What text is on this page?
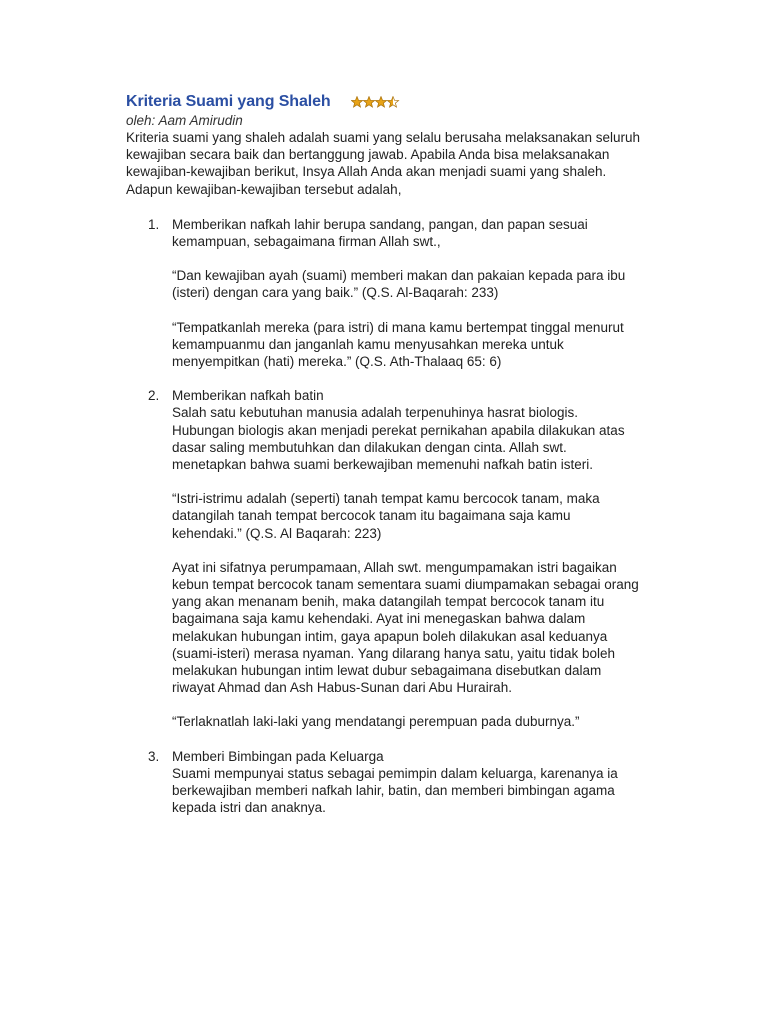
Kriteria Suami yang Shaleh
oleh: Aam Amirudin

Kriteria suami yang shaleh adalah suami yang selalu berusaha melaksanakan seluruh kewajiban secara baik dan bertanggung jawab. Apabila Anda bisa melaksanakan kewajiban-kewajiban berikut, Insya Allah Anda akan menjadi suami yang shaleh. Adapun kewajiban-kewajiban tersebut adalah,

1. Memberikan nafkah lahir berupa sandang, pangan, dan papan sesuai kemampuan, sebagaimana firman Allah swt.,

“Dan kewajiban ayah (suami) memberi makan dan pakaian kepada para ibu (isteri) dengan cara yang baik.” (Q.S. Al-Baqarah: 233)

“Tempatkanlah mereka (para istri) di mana kamu bertempat tinggal menurut kemampuanmu dan janganlah kamu menyusahkan mereka untuk menyempitkan (hati) mereka.” (Q.S. Ath-Thalaaq 65: 6)

2. Memberikan nafkah batin

Salah satu kebutuhan manusia adalah terpenuhinya hasrat biologis. Hubungan biologis akan menjadi perekat pernikahan apabila dilakukan atas dasar saling membutuhkan dan dilakukan dengan cinta. Allah swt. menetapkan bahwa suami berkewajiban memenuhi nafkah batin isteri.

“Istri-istrimu adalah (seperti) tanah tempat kamu bercocok tanam, maka datangilah tanah tempat bercocok tanam itu bagaimana saja kamu kehendaki.” (Q.S. Al Baqarah: 223)

Ayat ini sifatnya perumpamaan, Allah swt. mengumpamakan istri bagaikan kebun tempat bercocok tanam sementara suami diumpamakan sebagai orang yang akan menanam benih, maka datangilah tempat bercocok tanam itu bagaimana saja kamu kehendaki. Ayat ini menegaskan bahwa dalam melakukan hubungan intim, gaya apapun boleh dilakukan asal keduanya (suami-isteri) merasa nyaman. Yang dilarang hanya satu, yaitu tidak boleh melakukan hubungan intim lewat dubur sebagaimana disebutkan dalam riwayat Ahmad dan Ash Habus-Sunan dari Abu Hurairah.

“Terlaknatlah laki-laki yang mendatangi perempuan pada duburnya.”

3. Memberi Bimbingan pada Keluarga

Suami mempunyai status sebagai pemimpin dalam keluarga, karenanya ia berkewajiban memberi nafkah lahir, batin, dan memberi bimbingan agama kepada istri dan anaknya.
